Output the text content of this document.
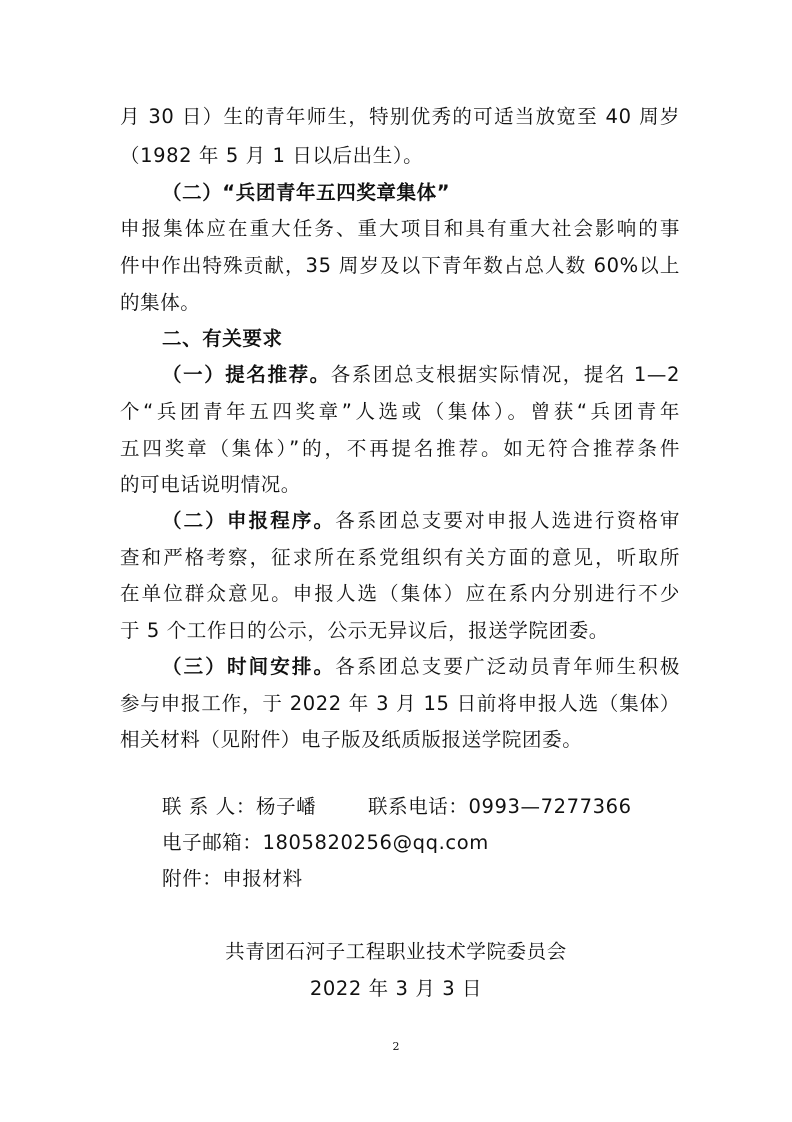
月 30 日）生的青年师生，特别优秀的可适当放宽至 40 周岁
（1982 年 5 月 1 日以后出生）。
（二）“兵团青年五四奖章集体”
申报集体应在重大任务、重大项目和具有重大社会影响的事
件中作出特殊贡献，35 周岁及以下青年数占总人数 60%以上
的集体。
二、有关要求
（一）提名推荐。各系团总支根据实际情况，提名 1—2
个“兵团青年五四奖章”人选或（集体）。曾获“兵团青年
五四奖章（集体）”的，不再提名推荐。如无符合推荐条件
的可电话说明情况。
（二）申报程序。各系团总支要对申报人选进行资格审
查和严格考察，征求所在系党组织有关方面的意见，听取所
在单位群众意见。申报人选（集体）应在系内分别进行不少
于 5 个工作日的公示，公示无异议后，报送学院团委。
（三）时间安排。各系团总支要广泛动员青年师生积极
参与申报工作，于 2022 年 3 月 15 日前将申报人选（集体）
相关材料（见附件）电子版及纸质版报送学院团委。
联 系 人：杨子嶓	联系电话：0993—7277366
电子邮箱：1805820256@qq.com
附件：申报材料
共青团石河子工程职业技术学院委员会
2022 年 3 月 3 日
2
